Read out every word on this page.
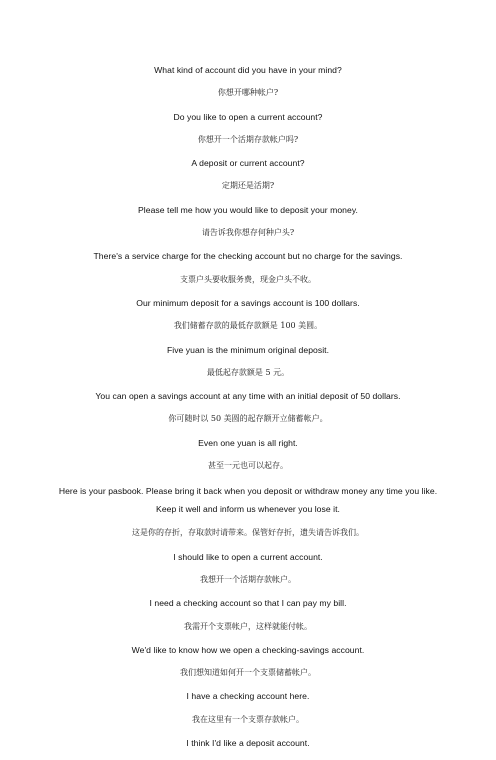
What kind of account did you have in your mind?

你想开哪种帐户?

Do you like to open a current account?

你想开一个活期存款帐户吗?

A deposit or current account?

定期还是活期?

Please tell me how you would like to deposit your money.

请告诉我你想存何种户头?

There's a service charge for the checking account but no charge for the savings.

支票户头要收服务费，现金户头不收。

Our minimum deposit for a savings account is 100 dollars.

我们储蓄存款的最低存款额是 100 美圆。

Five yuan is the minimum original deposit.

最低起存款额是 5 元。

You can open a savings account at any time with an initial deposit of 50 dollars.

你可随时以 50 美圆的起存额开立储蓄帐户。

Even one yuan is all right.

甚至一元也可以起存。

Here is your pasbook. Please bring it back when you deposit or withdraw money any time you like. Keep it well and inform us whenever you lose it.

这是你的存折，存取款时请带来。保管好存折，遗失请告诉我们。

I should like to open a current account.

我想开一个活期存款帐户。

I need a checking account so that I can pay my bill.

我需开个支票帐户，这样就能付帐。

We'd like to know how we open a checking-savings account.

我们想知道如何开一个支票储蓄帐户。

I have a checking account here.

我在这里有一个支票存款帐户。

I think I'd like a deposit account.
